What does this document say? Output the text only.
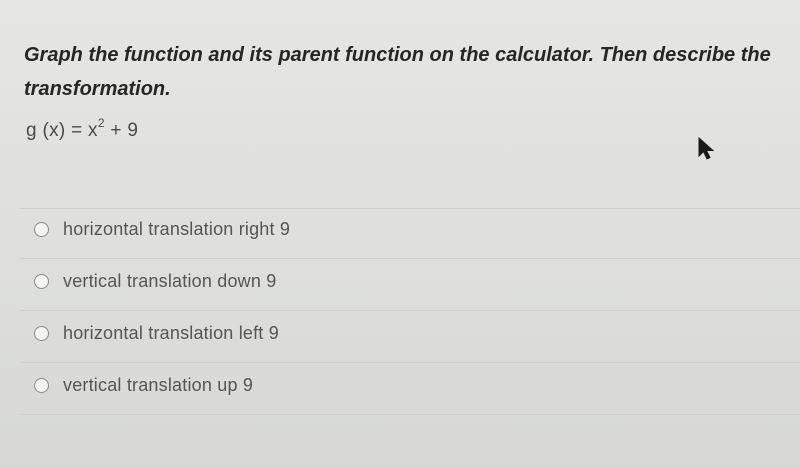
Graph the function and its parent function on the calculator. Then describe the transformation.
g $(x) = x^2 + 9$
horizontal translation right 9
vertical translation down 9
horizontal translation left 9
vertical translation up 9
